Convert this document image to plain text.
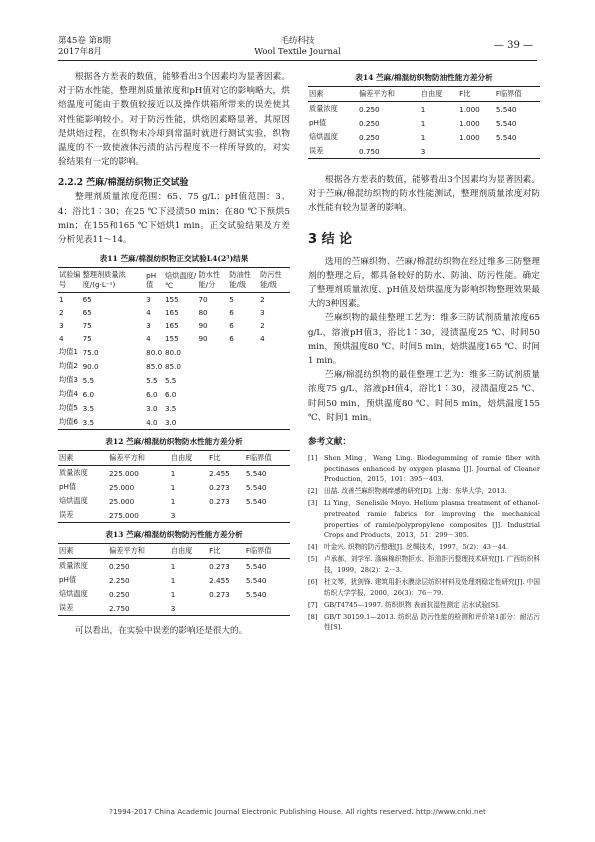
第45卷 第8期
2017年8月
毛纺科技
Wool Textile Journal
— 39 —

根据各方差表的数值，能够看出3个因素均为显著因素。对于防水性能，整理剂质量浓度和pH值对它的影响略大，烘焙温度可能由于数值较接近以及操作烘箱所带来的误差使其对性能影响较小。对于防污性能，烘焙因素略显著，其原因是烘焙过程，在织物未冷却到常温时就进行测试实验，织物温度的不一致使液体污渍的沾污程度不一样所导致的，对实验结果有一定的影响。

2.2.2 苎麻/棉混纺织物正交试验

整理剂质量浓度范围：65、75 g/L；pH值范围：3、4；浴比1∶30；在25 ℃下浸渍50 min；在80 ℃下预烘5 min；在155和165 ℃下焙烘1 min。正交试验结果及方差分析见表11～14。

表11 苎麻/棉混纺织物正交试验L4(2³)结果
试验编号	整理剂质量浓度/(g·L⁻¹)	pH值	焙烘温度/℃	防水性能/分	防油性能/级	防污性能/级
1	65	3	155	70	5	2
2	65	4	165	80	6	3
3	75	3	165	90	6	2
4	75	4	155	90	6	4
均值1	75.0	80.0	80.0			
均值2	90.0	85.0	85.0			
均值3	5.5	5.5	5.5			
均值4	6.0	6.0	6.0			
均值5	3.5	3.0	3.5			
均值6	3.5	4.0	3.0			
表12 苎麻/棉混纺织物防水性能方差分析
因素	偏差平方和	自由度	F比	F临界值
质量浓度	225.000	1	2.455	5.540
pH值	25.000	1	0.273	5.540
焙烘温度	25.000	1	0.273	5.540
误差	275.000	3		
表13 苎麻/棉混纺织物防污性能方差分析
因素	偏差平方和	自由度	F比	F临界值
质量浓度	0.250	1	0.273	5.540
pH值	2.250	1	2.455	5.540
焙烘温度	0.250	1	0.273	5.540
误差	2.750	3		

可以看出，在实验中误差的影响还是很大的。

表14 苎麻/棉混纺织物防油性能方差分析
因素	偏差平方和	自由度	F比	F临界值
质量浓度	0.250	1	1.000	5.540
pH值	0.250	1	1.000	5.540
焙烘温度	0.250	1	1.000	5.540
误差	0.750	3		

根据各方差表的数值，能够看出3个因素均为显著因素。对于苎麻/棉混纺织物的防水性能测试，整理剂质量浓度对防水性能有较为显著的影响。

3 结 论

选用的苎麻织物、苎麻/棉混纺织物在经过维多三防整理剂的整理之后，都具备较好的防水、防油、防污性能。确定了整理剂质量浓度、pH值及焙烘温度为影响织物整理效果最大的3种因素。

苎麻织物的最佳整理工艺为：维多三防试剂质量浓度65 g/L，溶液pH值3，浴比1∶30，浸渍温度25 ℃、时间50 min，预烘温度80 ℃、时间5 min，焙烘温度165 ℃、时间1 min。

苎麻/棉混纺织物的最佳整理工艺为：维多三防试剂质量浓度75 g/L，溶液pH值4，浴比1∶30，浸渍温度25 ℃、时间50 min，预烘温度80 ℃、时间5 min，焙烘温度155 ℃、时间1 min。

参考文献：
[1]	Shen Ming，Wang Ling. Biodegumming of ramie fiber with pectinases enhanced by oxygen plasma [J]. Journal of Cleaner Production，2015，101：395－403.
[2]	田喆. 改善苎麻织物刺痒感的研究[D]. 上海：东华大学，2013.
[3]	Li Ying，Senelisile Moyo. Helium plasma treatment of ethanol-pretreated ramie fabrics for improving the mechanical properties of ramie/polypropylene composites [J]. Industrial Crops and Products，2013，51：299－305.
[4]	叶金兴. 织物的防污整理[J]. 丝绸技术，1997，5(2)：43－44.
[5]	卢承郝，刘学军. 涤麻棉织物拒水、拒油拒污整理技术研究[J]. 广西纺织科技，1999，28(2)：2－3.
[6]	杜文琴，犹剑锋. 建筑用拒水膜涂层纺织材料及处理剂稳定性研究[J]. 中国纺织大学学报，2000，26(3)：76－79.
[7]	GB/T4745—1997. 纺织织物 表面抗湿性测定 沾水试验[S].
[8]	GB/T 30159.1—2013. 纺织品 防污性能的检测和评价第1部分：耐沾污性[S].
?1994-2017 China Academic Journal Electronic Publishing House. All rights reserved. http://www.cnki.net
